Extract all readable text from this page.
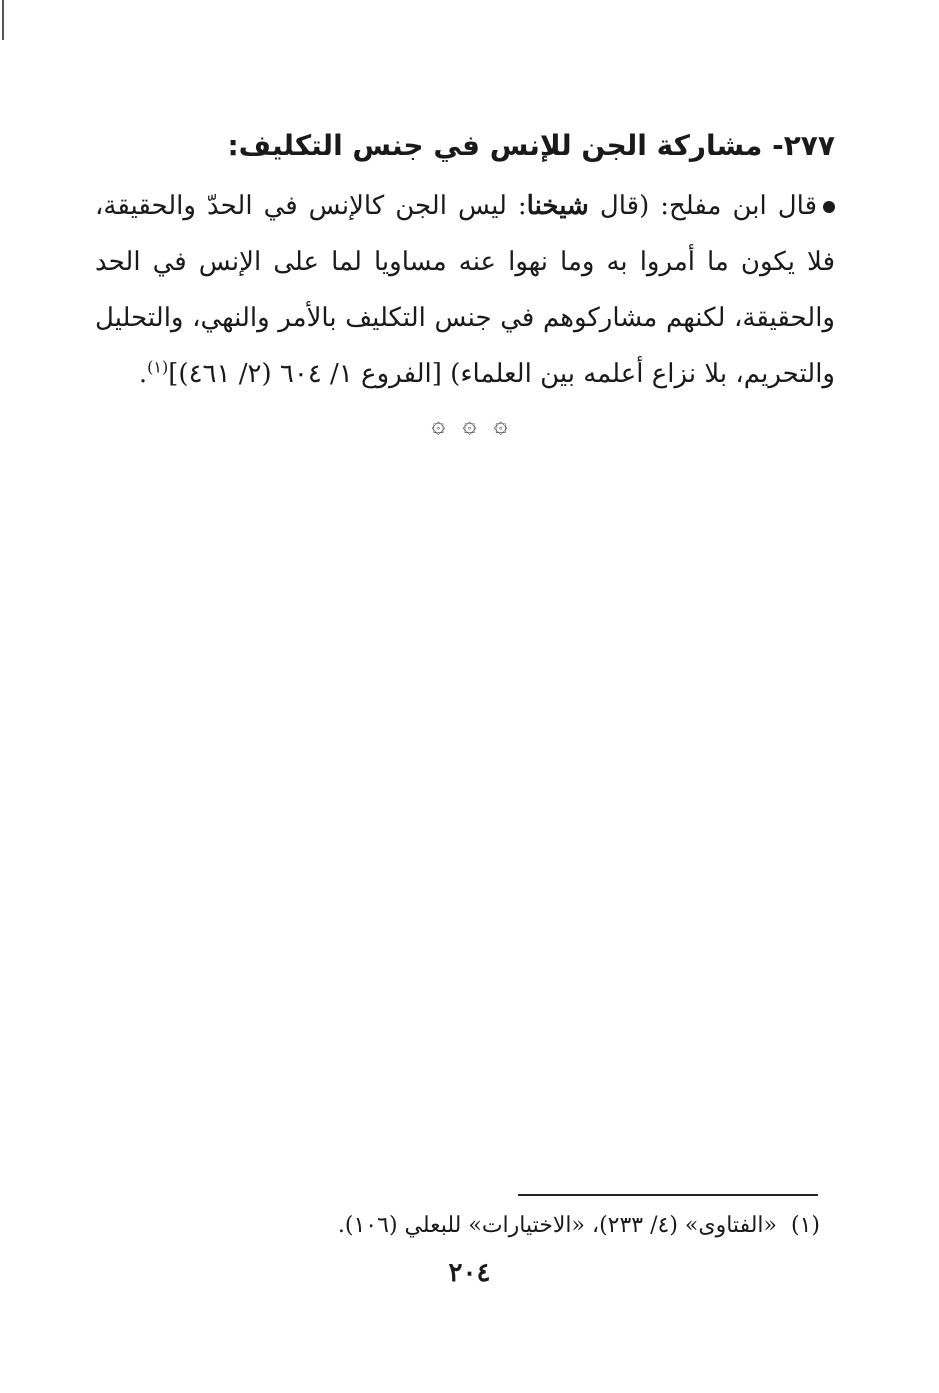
٢٧٧- مشاركة الجن للإنس في جنس التكليف:
قال ابن مفلح: (قال شيخنا: ليس الجن كالإنس في الحدّ والحقيقة، فلا يكون ما أمروا به وما نهوا عنه مساويا لما على الإنس في الحد والحقيقة، لكنهم مشاركوهم في جنس التكليف بالأمر والنهي، والتحليل والتحريم، بلا نزاع أعلمه بين العلماء) [الفروع ١/ ٦٠٤ (٢/ ٤٦١)]$^{(١)}$.
۞ ۞ ۞
(١)«الفتاوى» (٤/ ٢٣٣)، «الاختيارات» للبعلي (١٠٦).
٢٠٤
